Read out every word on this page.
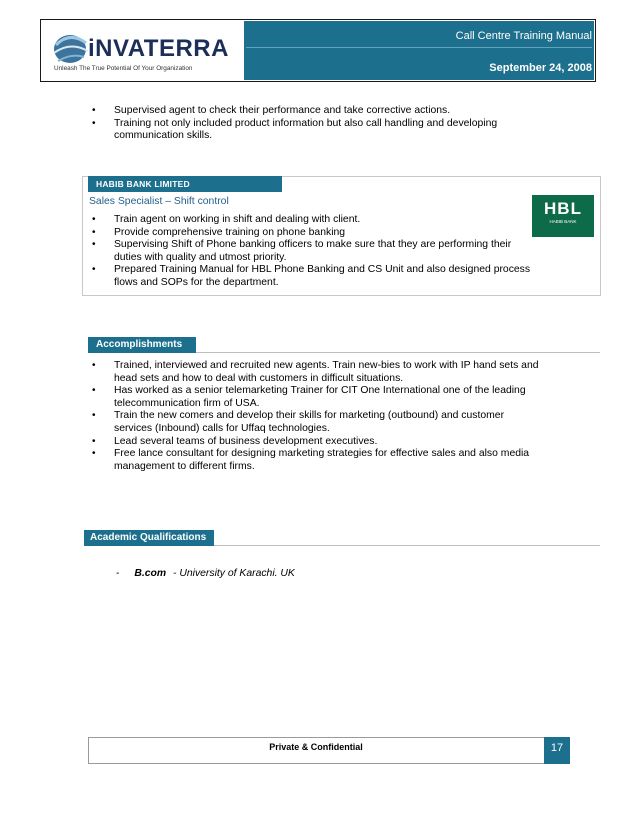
iNVATERRA
Unleash The True Potential Of Your Organization
Call Centre Training Manual
September 24, 2008
• Supervised agent to check their performance and take corrective actions.
• Training not only included product information but also call handling and developing communication skills.
HABIB BANK LIMITED
Sales Specialist – Shift control	HBL
HABIB BANK
• Train agent on working in shift and dealing with client.
• Provide comprehensive training on phone banking
• Supervising Shift of Phone banking officers to make sure that they are performing their duties with quality and utmost priority.
• Prepared Training Manual for HBL Phone Banking and CS Unit and also designed process flows and SOPs for the department.
Accomplishments
• Trained, interviewed and recruited new agents. Train new-bies to work with IP hand sets and head sets and how to deal with customers in difficult situations.
• Has worked as a senior telemarketing Trainer for CIT One International one of the leading telecommunication firm of USA.
• Train the new comers and develop their skills for marketing (outbound) and customer services (Inbound) calls for Uffaq technologies.
• Lead several teams of business development executives.
• Free lance consultant for designing marketing strategies for effective sales and also media management to different firms.
Academic Qualifications
- B.com - University of Karachi. UK
Private & Confidential	17
